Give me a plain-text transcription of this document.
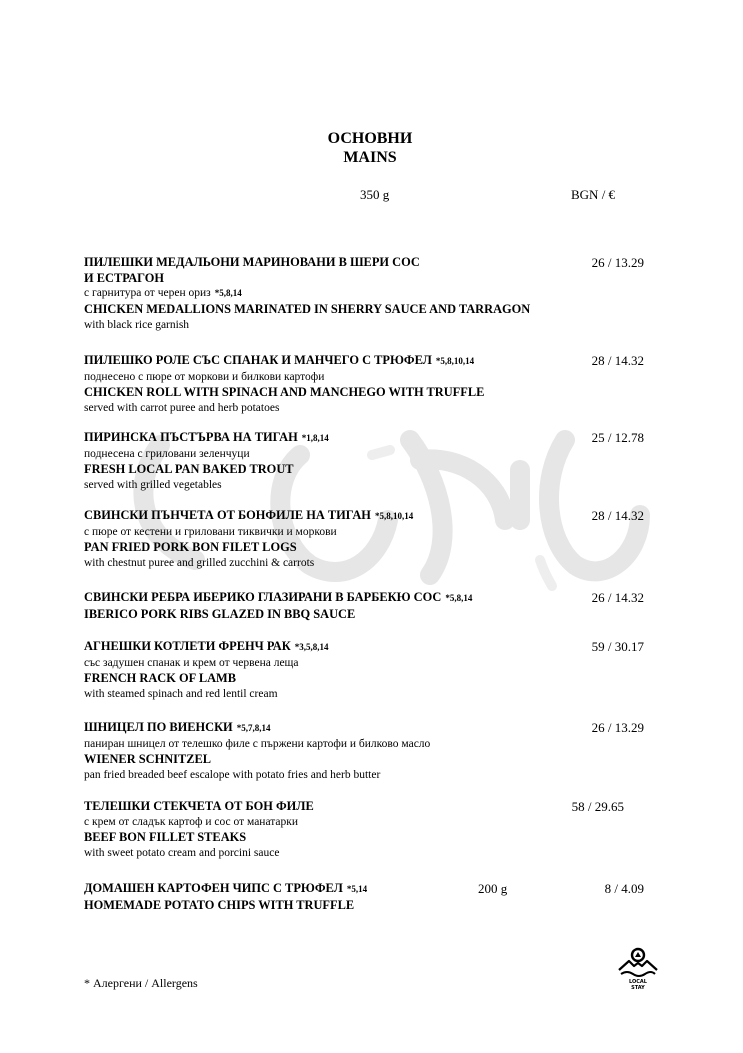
ОСНОВНИ
MAINS
350 g	BGN / €
ПИЛЕШКИ МЕДАЛЬОНИ МАРИНОВАНИ В ШЕРИ СОС
И ЕСТРАГОН
с гарнитура от черен ориз *5,8,14
CHICKEN MEDALLIONS MARINATED IN SHERRY SAUCE AND TARRAGON
with black rice garnish
26 / 13.29
ПИЛЕШКО РОЛЕ СЪС СПАНАК И МАНЧЕГО С ТРЮФЕЛ *5,8,10,14
поднесено с пюре от моркови и билкови картофи
CHICKEN ROLL WITH SPINACH AND MANCHEGO WITH TRUFFLE
served with carrot puree and herb potatoes
28 / 14.32
ПИРИНСКА ПЪСТЪРВА НА ТИГАН *1,8,14
поднесена с гриловани зеленчуци
FRESH LOCAL PAN BAKED TROUT
served with grilled vegetables
25 / 12.78
СВИНСКИ ПЪНЧЕТА ОТ БОНФИЛЕ НА ТИГАН *5,8,10,14
с пюре от кестени и гриловани тиквички и моркови
PAN FRIED PORK BON FILET LOGS
with chestnut puree and grilled zucchini & carrots
28 / 14.32
СВИНСКИ РЕБРА ИБЕРИКО ГЛАЗИРАНИ В БАРБЕКЮ СОС *5,8,14
IBERICO PORK RIBS GLAZED IN BBQ SAUCE
26 / 14.32
АГНЕШКИ КОТЛЕТИ ФРЕНЧ РАК *3,5,8,14
със задушен спанак и крем от червена леща
FRENCH RACK OF LAMB
with steamed spinach and red lentil cream
59 / 30.17
ШНИЦЕЛ ПО ВИЕНСКИ *5,7,8,14
паниран шницел от телешко филе с пържени картофи и билково масло
WIENER SCHNITZEL
pan fried breaded beef escalope with potato fries and herb butter
26 / 13.29
ТЕЛЕШКИ СТЕКЧЕТА ОТ БОН ФИЛЕ
с крем от сладък картоф и сос от манатарки
BEEF BON FILLET STEAKS
with sweet potato cream and porcini sauce
58 / 29.65
ДОМАШЕН КАРТОФЕН ЧИПС С ТРЮФЕЛ *5,14
HOMEMADE POTATO CHIPS WITH TRUFFLE
200 g	8 / 4.09
* Алергени / Allergens	LOCAL
STAY
